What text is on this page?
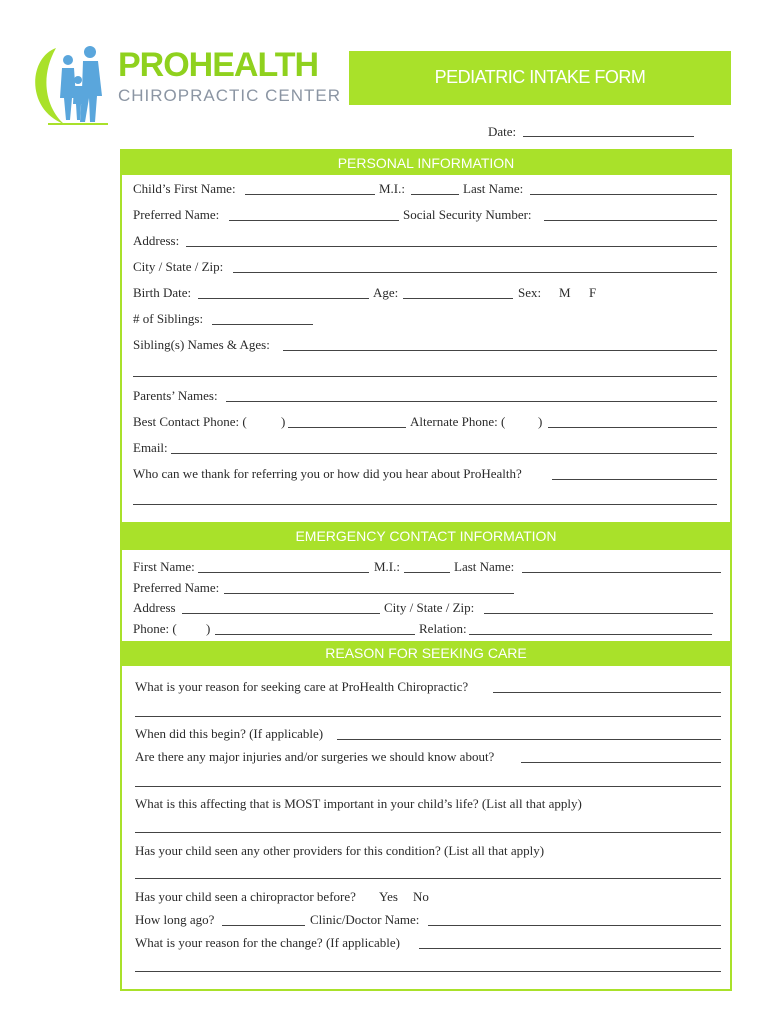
PROHEALTH
CHIROPRACTIC CENTER
PEDIATRIC INTAKE FORM
Date:
PERSONAL INFORMATION
Child’s First Name:	M.I.:	Last Name:
Preferred Name:	Social Security Number:
Address:
City / State / Zip:
Birth Date:	Age:	Sex: M F
# of Siblings:
Sibling(s) Names & Ages:
Parents’ Names:
Best Contact Phone: (	)	Alternate Phone: (	)
Email:
Who can we thank for referring you or how did you hear about ProHealth?
EMERGENCY CONTACT INFORMATION
First Name:	M.I.:	Last Name:
Preferred Name:
Address	City / State / Zip:
Phone: ( )	Relation:
REASON FOR SEEKING CARE
What is your reason for seeking care at ProHealth Chiropractic?
When did this begin? (If applicable)
Are there any major injuries and/or surgeries we should know about?
What is this affecting that is MOST important in your child’s life? (List all that apply)
Has your child seen any other providers for this condition? (List all that apply)
Has your child seen a chiropractor before? Yes No
How long ago?	Clinic/Doctor Name:
What is your reason for the change? (If applicable)
